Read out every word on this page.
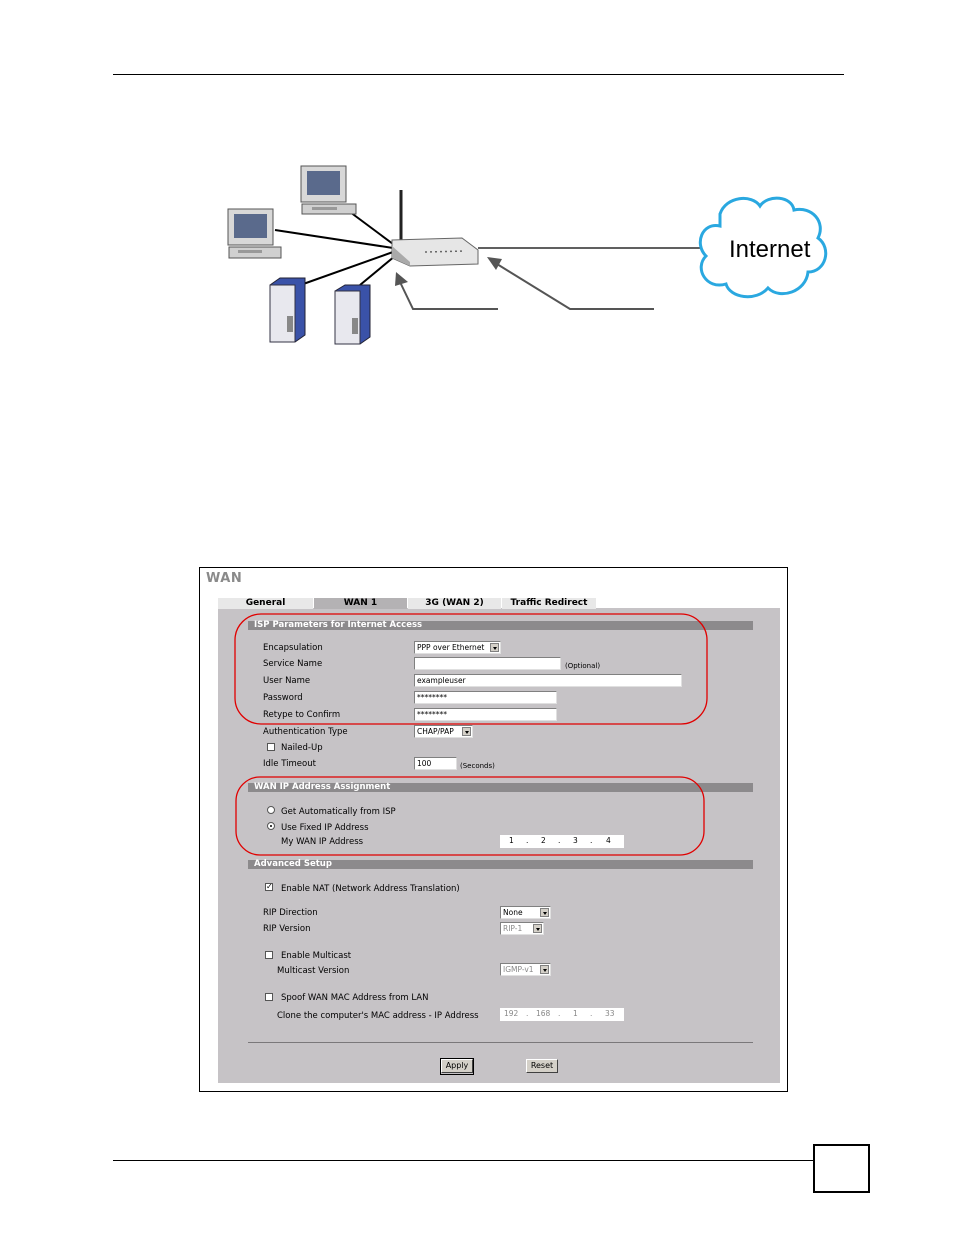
Internet
WAN
General	WAN 1	3G (WAN 2)	Traffic Redirect
ISP Parameters for Internet Access
Encapsulation	PPP over Ethernet
Service Name	(Optional)
User Name	exampleuser
Password	********
Retype to Confirm	********
Authentication Type	CHAP/PAP
Nailed-Up
Idle Timeout	100	(Seconds)
WAN IP Address Assignment
Get Automatically from ISP
Use Fixed IP Address
My WAN IP Address	1 . 2 . 3 . 4
Advanced Setup
✓ Enable NAT (Network Address Translation)
RIP Direction	None
RIP Version	RIP-1
Enable Multicast
Multicast Version	IGMP-v1
Spoof WAN MAC Address from LAN
Clone the computer's MAC address - IP Address	192 . 168 . 1 . 33
Apply	Reset
